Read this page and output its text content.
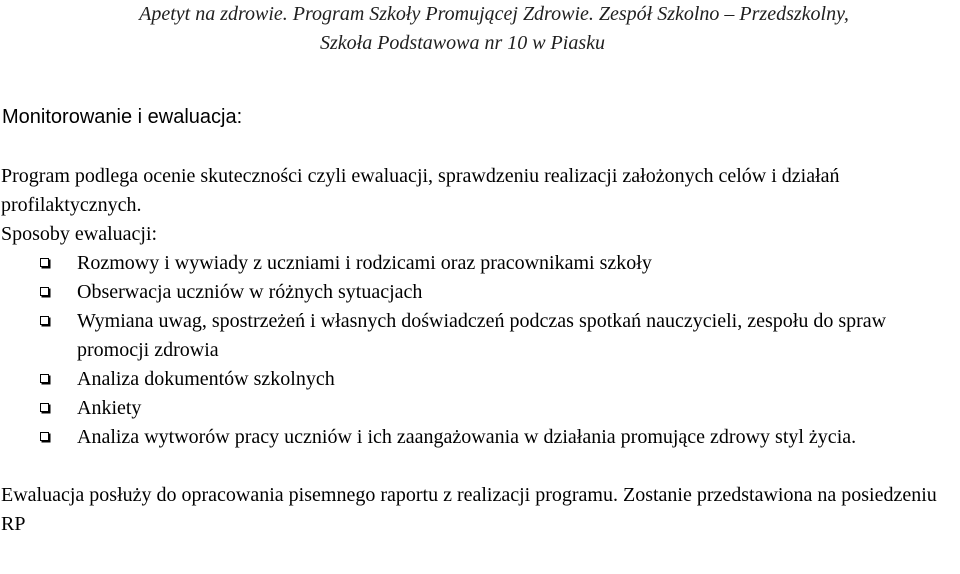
Apetyt na zdrowie. Program Szkoły Promującej Zdrowie. Zespół Szkolno – Przedszkolny,
Szkoła Podstawowa nr 10 w Piasku
Monitorowanie i ewaluacja:

Program podlega ocenie skuteczności czyli ewaluacji, sprawdzeniu realizacji założonych celów i działań profilaktycznych.

Sposoby ewaluacji:

Rozmowy i wywiady z uczniami i rodzicami oraz pracownikami szkoły
Obserwacja uczniów w różnych sytuacjach
Wymiana uwag, spostrzeżeń i własnych doświadczeń podczas spotkań nauczycieli, zespołu do spraw promocji zdrowia
Analiza dokumentów szkolnych
Ankiety
Analiza wytworów pracy uczniów i ich zaangażowania w działania promujące zdrowy styl życia.

Ewaluacja posłuży do opracowania pisemnego raportu z realizacji programu. Zostanie przedstawiona na posiedzeniu RP
